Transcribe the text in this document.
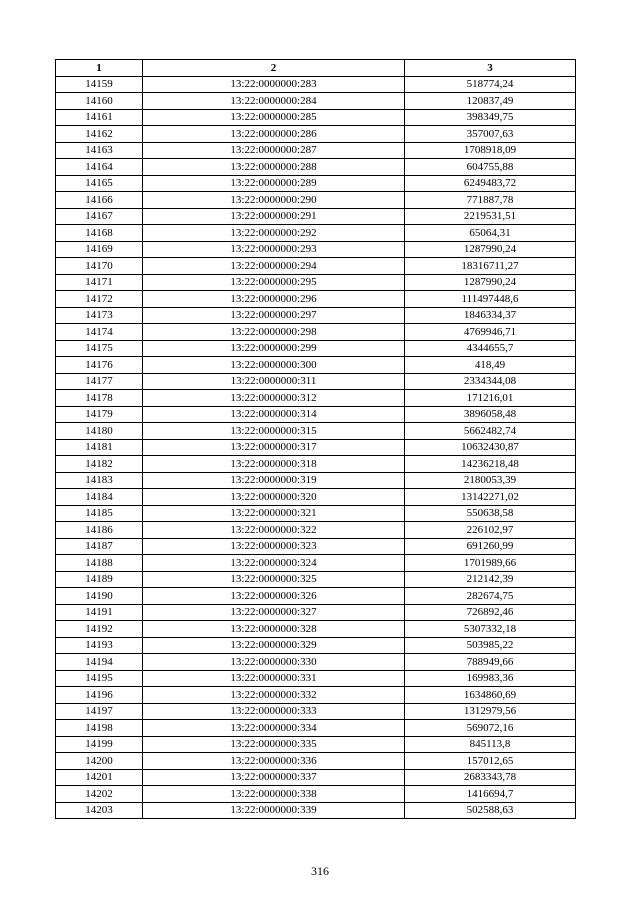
1	2	3
14159	13:22:0000000:283	518774,24
14160	13:22:0000000:284	120837,49
14161	13:22:0000000:285	398349,75
14162	13:22:0000000:286	357007,63
14163	13:22:0000000:287	1708918,09
14164	13:22:0000000:288	604755,88
14165	13:22:0000000:289	6249483,72
14166	13:22:0000000:290	771887,78
14167	13:22:0000000:291	2219531,51
14168	13:22:0000000:292	65064,31
14169	13:22:0000000:293	1287990,24
14170	13:22:0000000:294	18316711,27
14171	13:22:0000000:295	1287990,24
14172	13:22:0000000:296	111497448,6
14173	13:22:0000000:297	1846334,37
14174	13:22:0000000:298	4769946,71
14175	13:22:0000000:299	4344655,7
14176	13:22:0000000:300	418,49
14177	13:22:0000000:311	2334344,08
14178	13:22:0000000:312	171216,01
14179	13:22:0000000:314	3896058,48
14180	13:22:0000000:315	5662482,74
14181	13:22:0000000:317	10632430,87
14182	13:22:0000000:318	14236218,48
14183	13:22:0000000:319	2180053,39
14184	13:22:0000000:320	13142271,02
14185	13:22:0000000:321	550638,58
14186	13:22:0000000:322	226102,97
14187	13:22:0000000:323	691260,99
14188	13:22:0000000:324	1701989,66
14189	13:22:0000000:325	212142,39
14190	13:22:0000000:326	282674,75
14191	13:22:0000000:327	726892,46
14192	13:22:0000000:328	5307332,18
14193	13:22:0000000:329	503985,22
14194	13:22:0000000:330	788949,66
14195	13:22:0000000:331	169983,36
14196	13:22:0000000:332	1634860,69
14197	13:22:0000000:333	1312979,56
14198	13:22:0000000:334	569072,16
14199	13:22:0000000:335	845113,8
14200	13:22:0000000:336	157012,65
14201	13:22:0000000:337	2683343,78
14202	13:22:0000000:338	1416694,7
14203	13:22:0000000:339	502588,63
316
